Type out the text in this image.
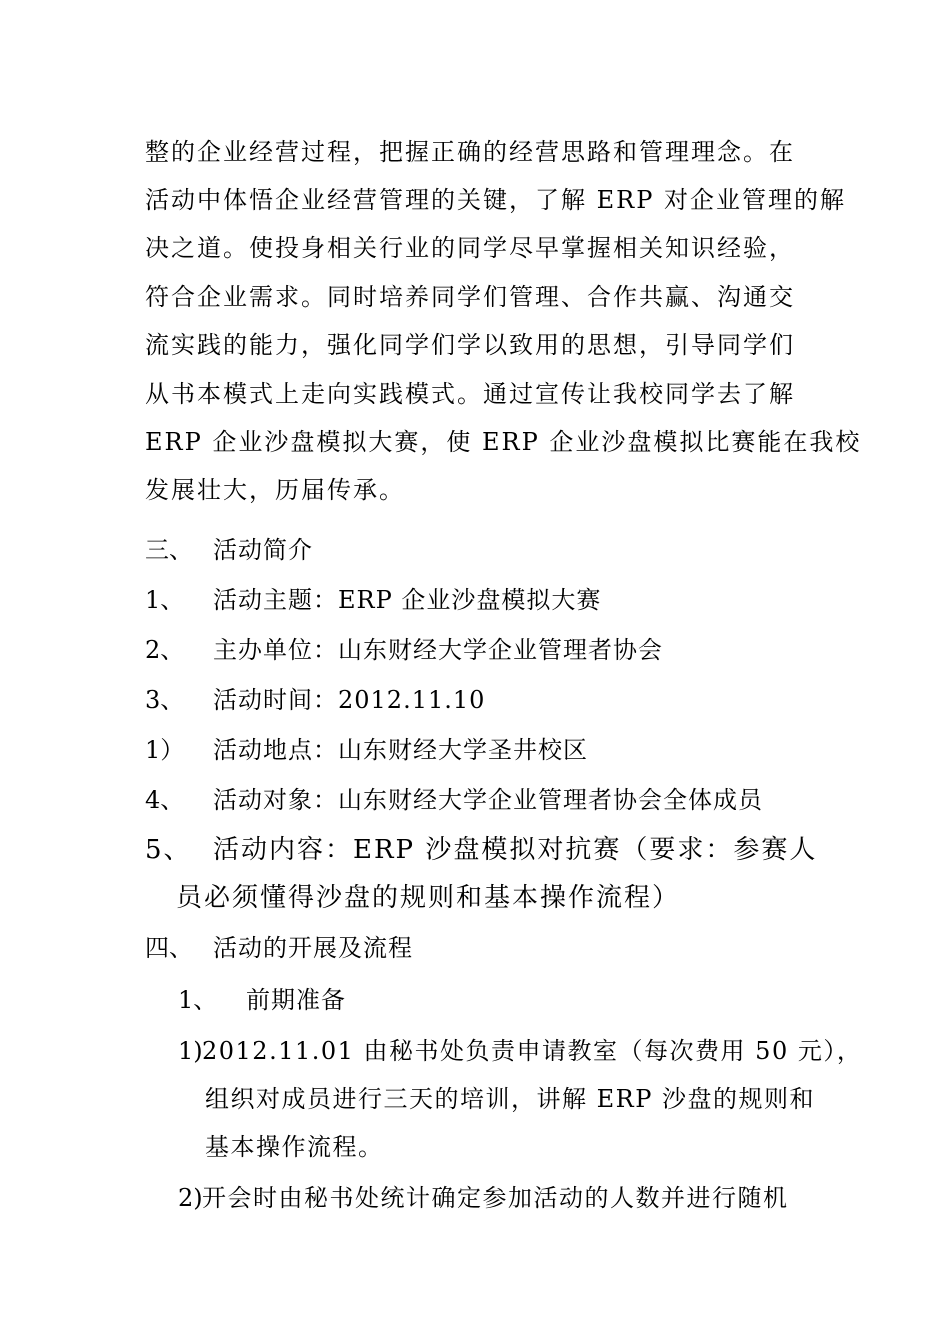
整的企业经营过程，把握正确的经营思路和管理理念。在
活动中体悟企业经营管理的关键，了解 ERP 对企业管理的解
决之道。使投身相关行业的同学尽早掌握相关知识经验，
符合企业需求。同时培养同学们管理、合作共赢、沟通交
流实践的能力，强化同学们学以致用的思想，引导同学们
从书本模式上走向实践模式。通过宣传让我校同学去了解
ERP 企业沙盘模拟大赛，使 ERP 企业沙盘模拟比赛能在我校
发展壮大，历届传承。
三、 活动简介
1、 活动主题：ERP 企业沙盘模拟大赛
2、 主办单位：山东财经大学企业管理者协会
3、 活动时间：2012.11.10
1） 活动地点：山东财经大学圣井校区
4、 活动对象：山东财经大学企业管理者协会全体成员
5、 活动内容：ERP 沙盘模拟对抗赛（要求：参赛人
员必须懂得沙盘的规则和基本操作流程）
四、 活动的开展及流程
1、 前期准备
1) 2012.11.01 由秘书处负责申请教室（每次费用 50 元），
组织对成员进行三天的培训，讲解 ERP 沙盘的规则和
基本操作流程。
2) 开会时由秘书处统计确定参加活动的人数并进行随机
